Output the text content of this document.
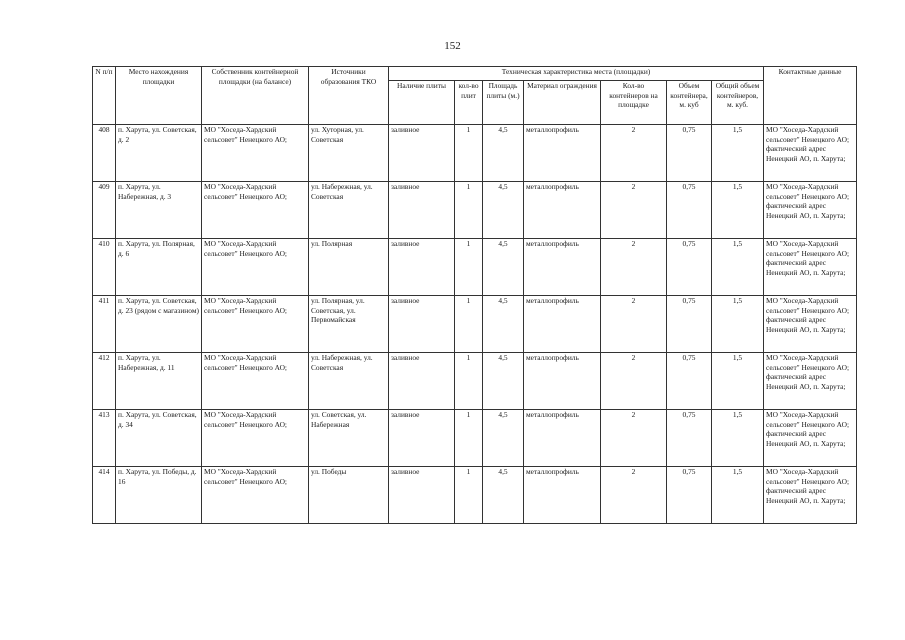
152
N п/п	Место нахождения площадки	Собственник контейнерной площадки (на балансе)	Источники образования ТКО	Техническая характеристика места (площадки)							Контактные данные
				Наличие плиты	кол-во плит	Площадь плиты (м.)	Материал ограждения	Кол-во контейнеров на площадке	Объем контейнера, м. куб	Общий объем контейнеров, м. куб.	
408	п. Харута, ул. Советская, д. 2	МО "Хоседа-Хардский сельсовет" Ненецкого АО;	ул. Хуторная, ул. Советская	заливное	1	4,5	металлопрофиль	2	0,75	1,5	МО "Хоседа-Хардский сельсовет" Ненецкого АО; фактический адрес Ненецкий АО, п. Харута;
409	п. Харута, ул. Набережная, д. 3	МО "Хоседа-Хардский сельсовет" Ненецкого АО;	ул. Набережная, ул. Советская	заливное	1	4,5	металлопрофиль	2	0,75	1,5	МО "Хоседа-Хардский сельсовет" Ненецкого АО; фактический адрес Ненецкий АО, п. Харута;
410	п. Харута, ул. Полярная, д. 6	МО "Хоседа-Хардский сельсовет" Ненецкого АО;	ул. Полярная	заливное	1	4,5	металлопрофиль	2	0,75	1,5	МО "Хоседа-Хардский сельсовет" Ненецкого АО; фактический адрес Ненецкий АО, п. Харута;
411	п. Харута, ул. Советская, д. 23 (рядом с магазином)	МО "Хоседа-Хардский сельсовет" Ненецкого АО;	ул. Полярная, ул. Советская, ул. Первомайская	заливное	1	4,5	металлопрофиль	2	0,75	1,5	МО "Хоседа-Хардский сельсовет" Ненецкого АО; фактический адрес Ненецкий АО, п. Харута;
412	п. Харута, ул. Набережная, д. 11	МО "Хоседа-Хардский сельсовет" Ненецкого АО;	ул. Набережная, ул. Советская	заливное	1	4,5	металлопрофиль	2	0,75	1,5	МО "Хоседа-Хардский сельсовет" Ненецкого АО; фактический адрес Ненецкий АО, п. Харута;
413	п. Харута, ул. Советская, д. 34	МО "Хоседа-Хардский сельсовет" Ненецкого АО;	ул. Советская, ул. Набережная	заливное	1	4,5	металлопрофиль	2	0,75	1,5	МО "Хоседа-Хардский сельсовет" Ненецкого АО; фактический адрес Ненецкий АО, п. Харута;
414	п. Харута, ул. Победы, д. 16	МО "Хоседа-Хардский сельсовет" Ненецкого АО;	ул. Победы	заливное	1	4,5	металлопрофиль	2	0,75	1,5	МО "Хоседа-Хардский сельсовет" Ненецкого АО; фактический адрес Ненецкий АО, п. Харута;
